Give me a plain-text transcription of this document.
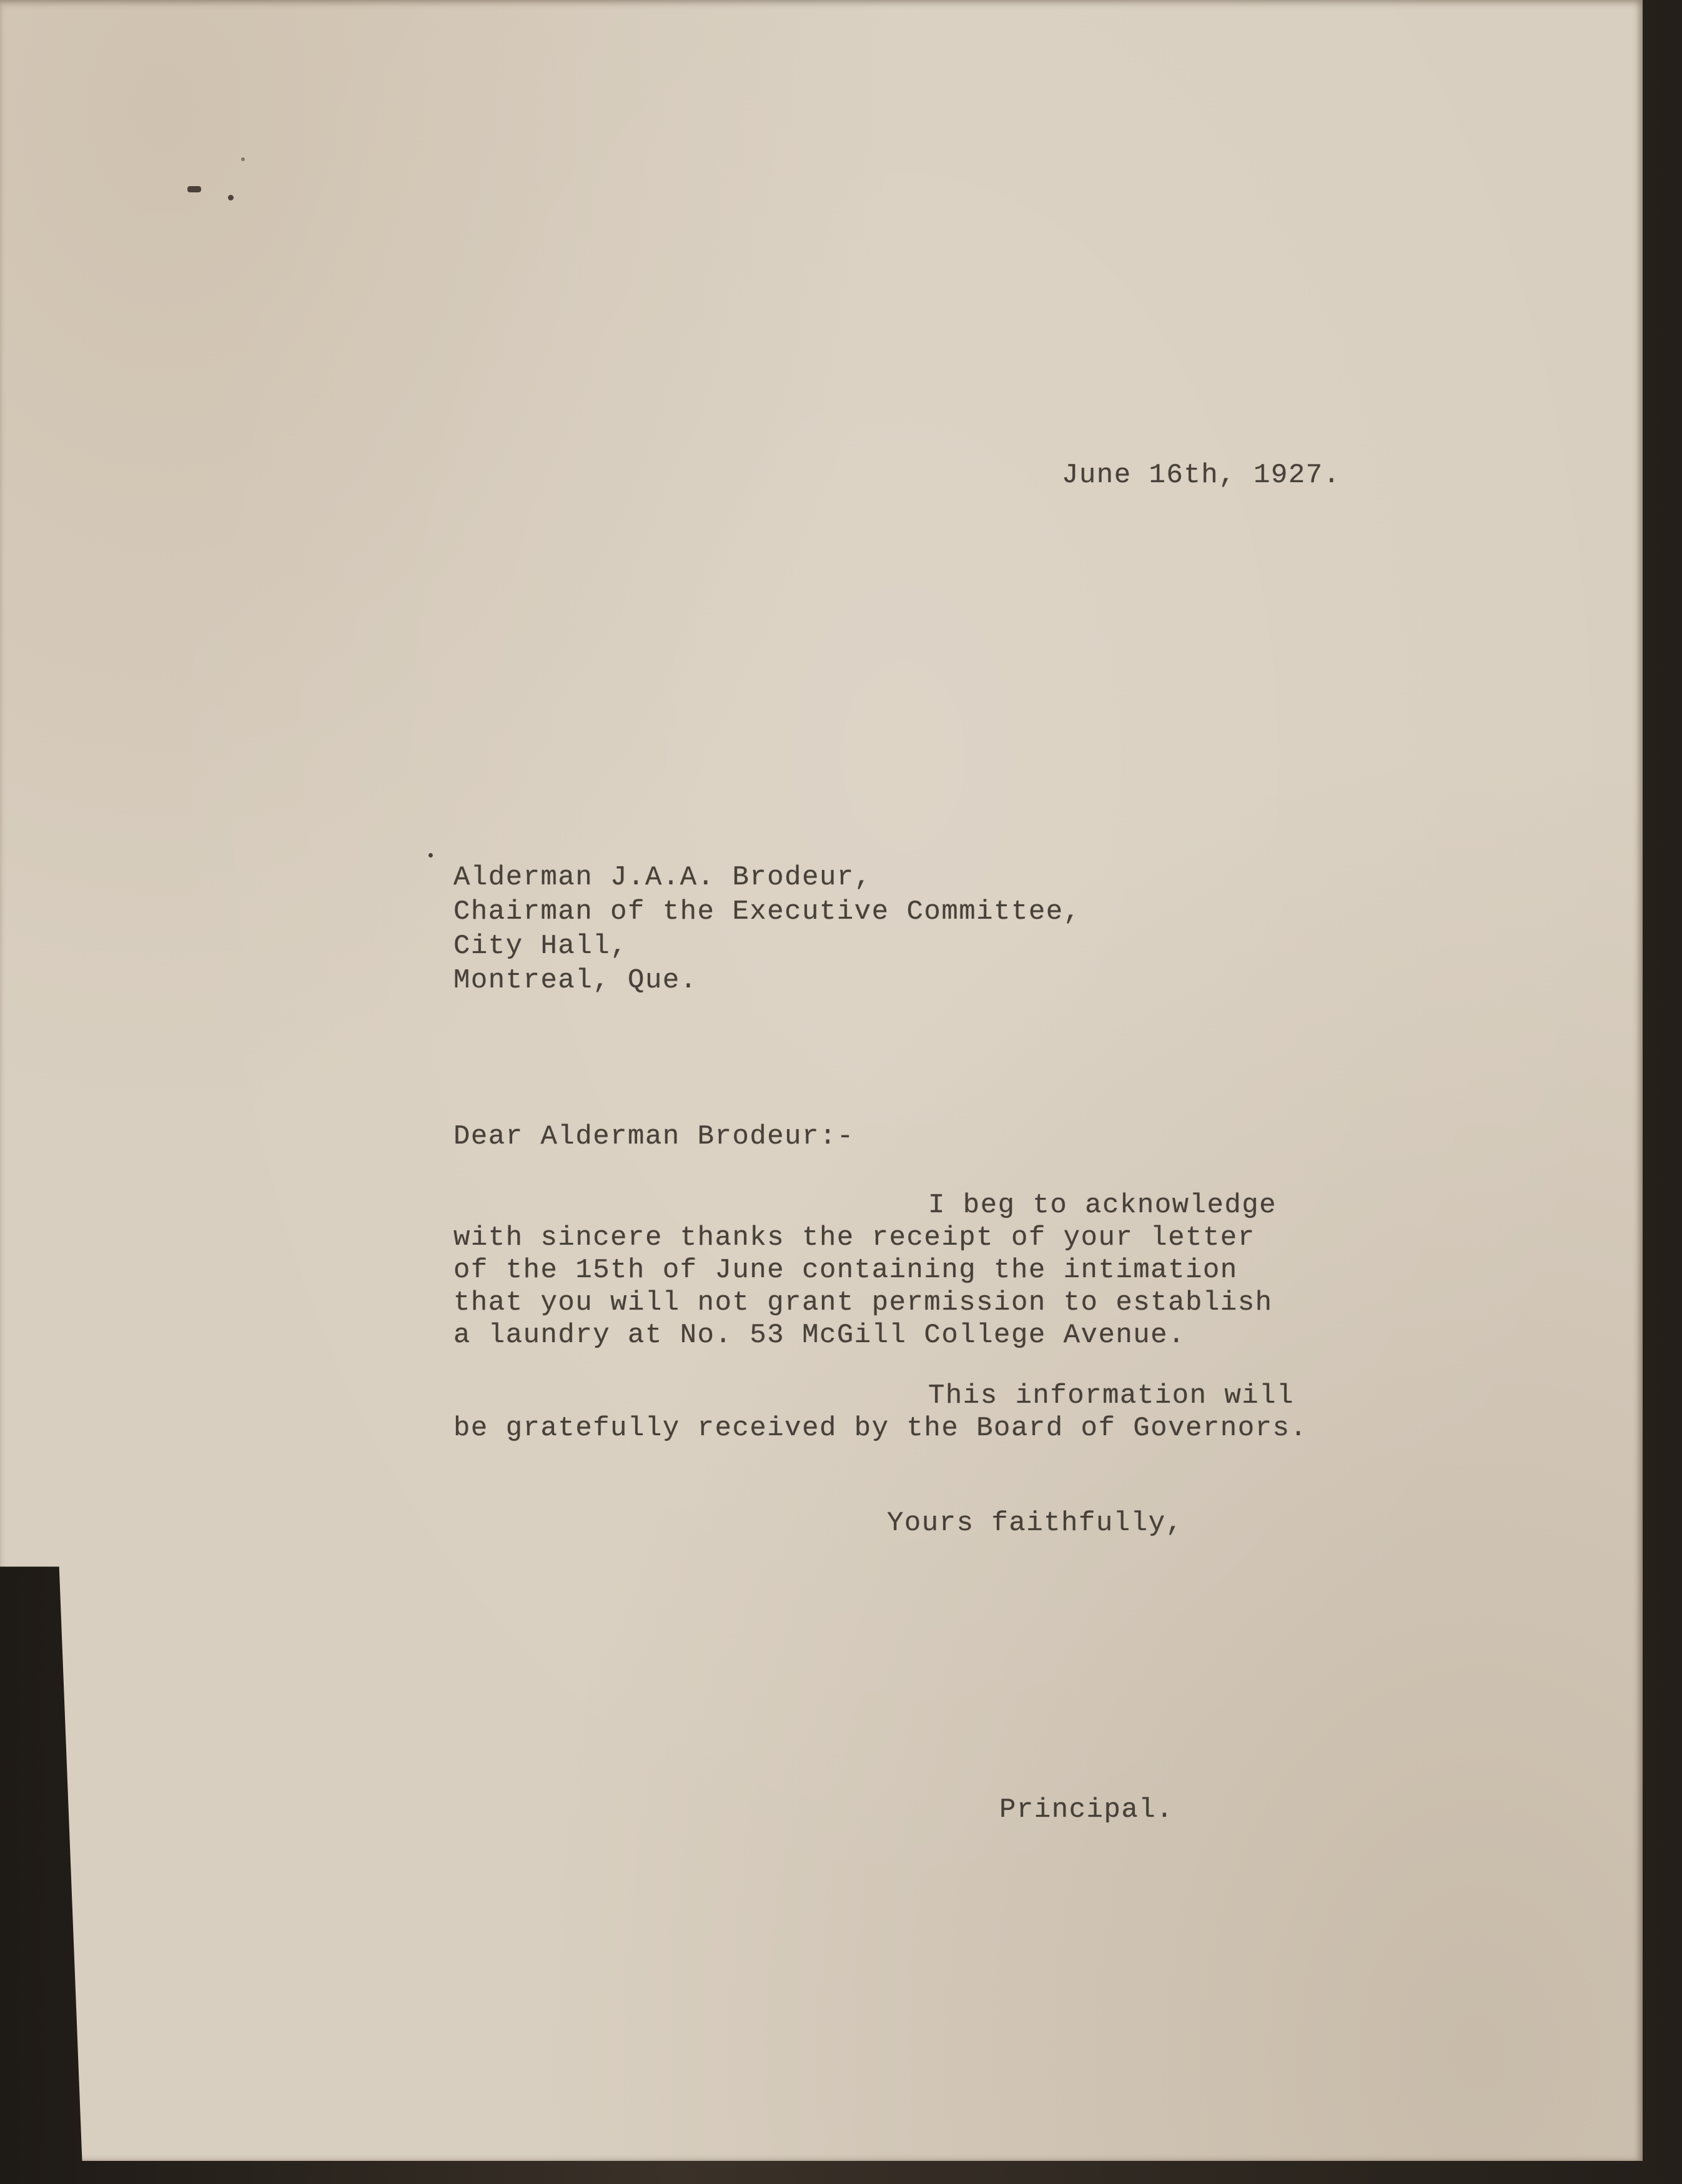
June 16th, 1927.
Alderman J.A.A. Brodeur,
Chairman of the Executive Committee,
City Hall,
Montreal, Que.
Dear Alderman Brodeur:-
I beg to acknowledge
with sincere thanks the receipt of your letter
of the 15th of June containing the intimation
that you will not grant permission to establish
a laundry at No. 53 McGill College Avenue.
This information will
be gratefully received by the Board of Governors.
Yours faithfully,
Principal.
